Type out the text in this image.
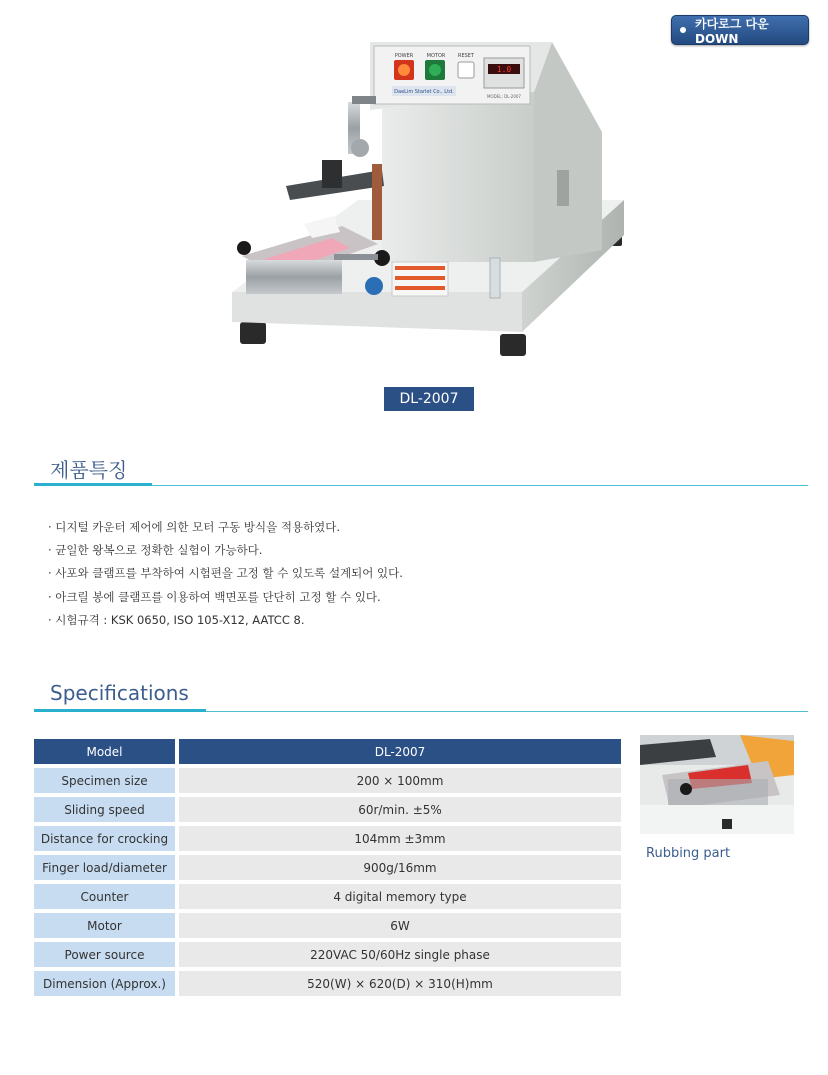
카다로그 다운DOWN
POWER	MOTOR	RESET
1.0
DaeLim Starlet Co., Ltd.
MODEL: DL-2007
DL-2007
제품특징
· 디지털 카운터 제어에 의한 모터 구동 방식을 적용하였다.
· 균일한 왕복으로 정확한 실험이 가능하다.
· 사포와 클램프를 부착하여 시험편을 고정 할 수 있도록 설계되어 있다.
· 아크릴 봉에 클램프를 이용하여 백면포를 단단히 고정 할 수 있다.
· 시험규격 : KSK 0650, ISO 105-X12, AATCC 8.
Specifications
Model	DL-2007
Specimen size	200 × 100mm
Sliding speed	60r/min. ±5%
Distance for crocking	104mm ±3mm
Finger load/diameter	900g/16mm
Counter	4 digital memory type
Motor	6W
Power source	220VAC 50/60Hz single phase
Dimension (Approx.)	520(W) × 620(D) × 310(H)mm
Rubbing part
